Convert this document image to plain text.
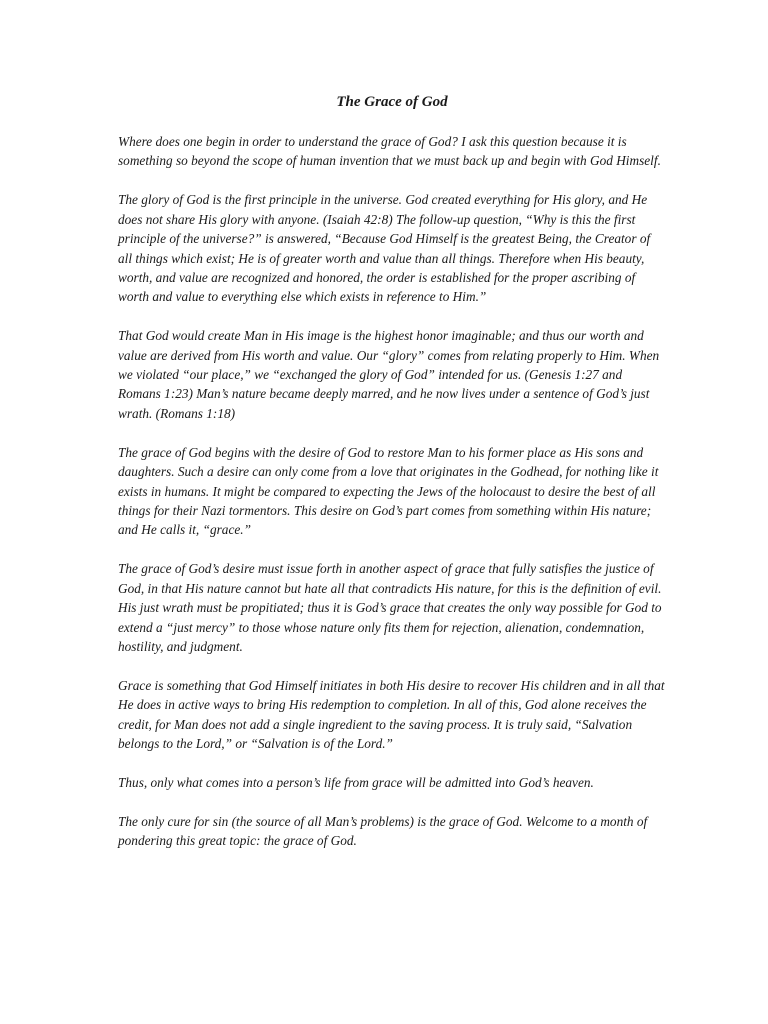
The Grace of God

Where does one begin in order to understand the grace of God? I ask this question because it is something so beyond the scope of human invention that we must back up and begin with God Himself.

The glory of God is the first principle in the universe. God created everything for His glory, and He does not share His glory with anyone. (Isaiah 42:8) The follow-up question, “Why is this the first principle of the universe?” is answered, “Because God Himself is the greatest Being, the Creator of all things which exist; He is of greater worth and value than all things. Therefore when His beauty, worth, and value are recognized and honored, the order is established for the proper ascribing of worth and value to everything else which exists in reference to Him.”

That God would create Man in His image is the highest honor imaginable; and thus our worth and value are derived from His worth and value. Our “glory” comes from relating properly to Him. When we violated “our place,” we “exchanged the glory of God” intended for us. (Genesis 1:27 and Romans 1:23) Man’s nature became deeply marred, and he now lives under a sentence of God’s just wrath. (Romans 1:18)

The grace of God begins with the desire of God to restore Man to his former place as His sons and daughters. Such a desire can only come from a love that originates in the Godhead, for nothing like it exists in humans. It might be compared to expecting the Jews of the holocaust to desire the best of all things for their Nazi tormentors. This desire on God’s part comes from something within His nature; and He calls it, “grace.”

The grace of God’s desire must issue forth in another aspect of grace that fully satisfies the justice of God, in that His nature cannot but hate all that contradicts His nature, for this is the definition of evil. His just wrath must be propitiated; thus it is God’s grace that creates the only way possible for God to extend a “just mercy” to those whose nature only fits them for rejection, alienation, condemnation, hostility, and judgment.

Grace is something that God Himself initiates in both His desire to recover His children and in all that He does in active ways to bring His redemption to completion. In all of this, God alone receives the credit, for Man does not add a single ingredient to the saving process. It is truly said, “Salvation belongs to the Lord,” or “Salvation is of the Lord.”

Thus, only what comes into a person’s life from grace will be admitted into God’s heaven.

The only cure for sin (the source of all Man’s problems) is the grace of God. Welcome to a month of pondering this great topic: the grace of God.
